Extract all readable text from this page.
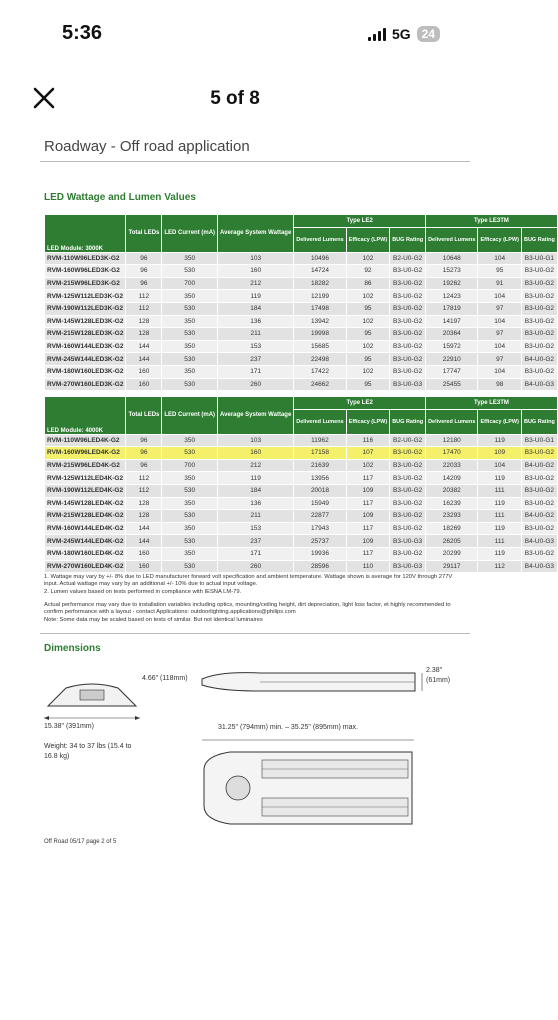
5:36	5G 24
5 of 8
Roadway - Off road application
LED Wattage and Lumen Values
LED Module: 3000K	Total LEDs	LED Current (mA)	Average System Wattage	Type LE2			Type LE3TM		
				Delivered Lumens	Efficacy (LPW)	BUG Rating	Delivered Lumens	Efficacy (LPW)	BUG Rating
RVM-110W96LED3K-G2	96	350	103	10496	102	B2-U0-G2	10648	104	B3-U0-G1
RVM-160W96LED3K-G2	96	530	160	14724	92	B3-U0-G2	15273	95	B3-U0-G2
RVM-215W96LED3K-G2	96	700	212	18282	86	B3-U0-G2	19262	91	B3-U0-G2
RVM-125W112LED3K-G2	112	350	119	12199	102	B3-U0-G2	12423	104	B3-U0-G2
RVM-190W112LED3K-G2	112	530	184	17498	95	B3-U0-G2	17819	97	B3-U0-G2
RVM-145W128LED3K-G2	128	350	136	13942	102	B3-U0-G2	14197	104	B3-U0-G2
RVM-215W128LED3K-G2	128	530	211	19998	95	B3-U0-G2	20364	97	B3-U0-G2
RVM-160W144LED3K-G2	144	350	153	15685	102	B3-U0-G2	15972	104	B3-U0-G2
RVM-245W144LED3K-G2	144	530	237	22498	95	B3-U0-G2	22910	97	B4-U0-G2
RVM-180W160LED3K-G2	160	350	171	17422	102	B3-U0-G2	17747	104	B3-U0-G2
RVM-270W160LED3K-G2	160	530	260	24662	95	B3-U0-G3	25455	98	B4-U0-G3
LED Module: 4000K	Total LEDs	LED Current (mA)	Average System Wattage	Type LE2			Type LE3TM		
				Delivered Lumens	Efficacy (LPW)	BUG Rating	Delivered Lumens	Efficacy (LPW)	BUG Rating
RVM-110W96LED4K-G2	96	350	103	11962	116	B2-U0-G2	12180	119	B3-U0-G1
RVM-160W96LED4K-G2	96	530	160	17158	107	B3-U0-G2	17470	109	B3-U0-G2
RVM-215W96LED4K-G2	96	700	212	21639	102	B3-U0-G2	22033	104	B4-U0-G2
RVM-125W112LED4K-G2	112	350	119	13956	117	B3-U0-G2	14209	119	B3-U0-G2
RVM-190W112LED4K-G2	112	530	184	20018	109	B3-U0-G2	20382	111	B3-U0-G2
RVM-145W128LED4K-G2	128	350	136	15949	117	B3-U0-G2	16239	119	B3-U0-G2
RVM-215W128LED4K-G2	128	530	211	22877	109	B3-U0-G2	23293	111	B4-U0-G2
RVM-160W144LED4K-G2	144	350	153	17943	117	B3-U0-G2	18269	119	B3-U0-G2
RVM-245W144LED4K-G2	144	530	237	25737	109	B3-U0-G3	26205	111	B4-U0-G3
RVM-180W160LED4K-G2	160	350	171	19936	117	B3-U0-G2	20299	119	B3-U0-G2
RVM-270W160LED4K-G2	160	530	260	28596	110	B3-U0-G3	29117	112	B4-U0-G3
1. Wattage may vary by +/- 8% due to LED manufacturer forward volt specification and ambient temperature. Wattage shown is average for 120V through 277V input. Actual wattage may vary by an additional +/- 10% due to actual input voltage.
2. Lumen values based on tests performed in compliance with IESNA LM-79.
Actual performance may vary due to installation variables including optics, mounting/ceiling height, dirt depreciation, light loss factor, et highly recommended to confirm performance with a layout - contact Applications: outdoorlighting.applications@philips.com
Note: Some data may be scaled based on tests of similar. But not identical luminaires
Dimensions
15.38" (391mm)
Weight: 34 to 37 lbs (15.4 to 16.8 kg)
4.66" (118mm)
2.38" (61mm)
31.25" (794mm) min. – 35.25" (895mm) max.
Off Road 05/17 page 2 of 5
